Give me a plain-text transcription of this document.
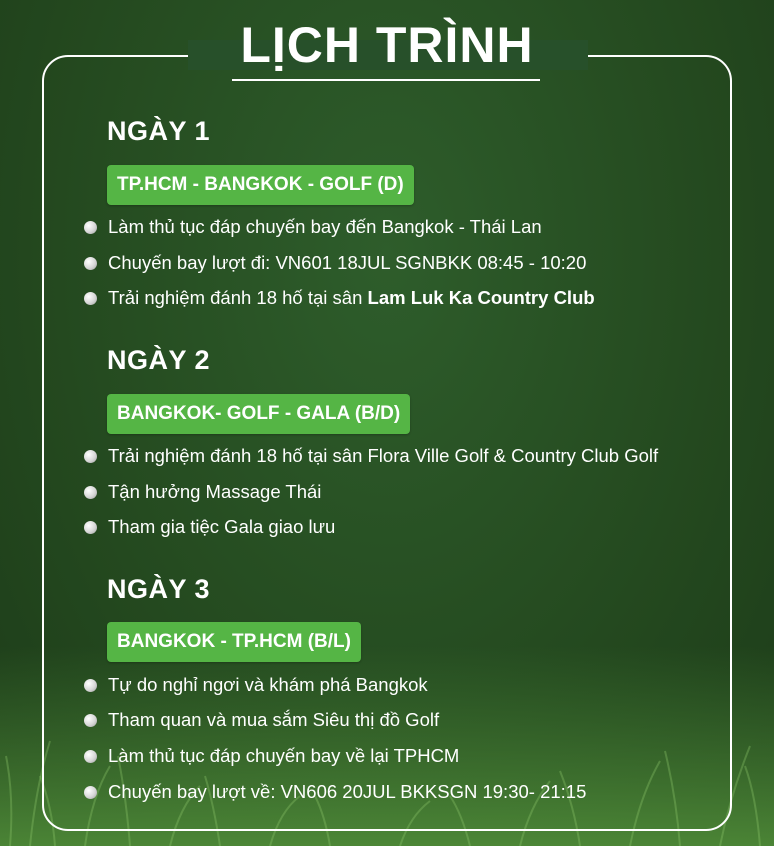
LỊCH TRÌNH
NGÀY 1
TP.HCM - BANGKOK - GOLF (D)
Làm thủ tục đáp chuyến bay đến Bangkok - Thái Lan
Chuyến bay lượt đi: VN601 18JUL SGNBKK 08:45 - 10:20
Trải nghiệm đánh 18 hố tại sân Lam Luk Ka Country Club
NGÀY 2
BANGKOK- GOLF - GALA (B/D)
Trải nghiệm đánh 18 hố tại sân Flora Ville Golf & Country Club Golf
Tận hưởng Massage Thái
Tham gia tiệc Gala giao lưu
NGÀY 3
BANGKOK - TP.HCM (B/L)
Tự do nghỉ ngơi và khám phá Bangkok
Tham quan và mua sắm Siêu thị đồ Golf
Làm thủ tục đáp chuyến bay về lại TPHCM
Chuyến bay lượt về: VN606 20JUL BKKSGN 19:30- 21:15
